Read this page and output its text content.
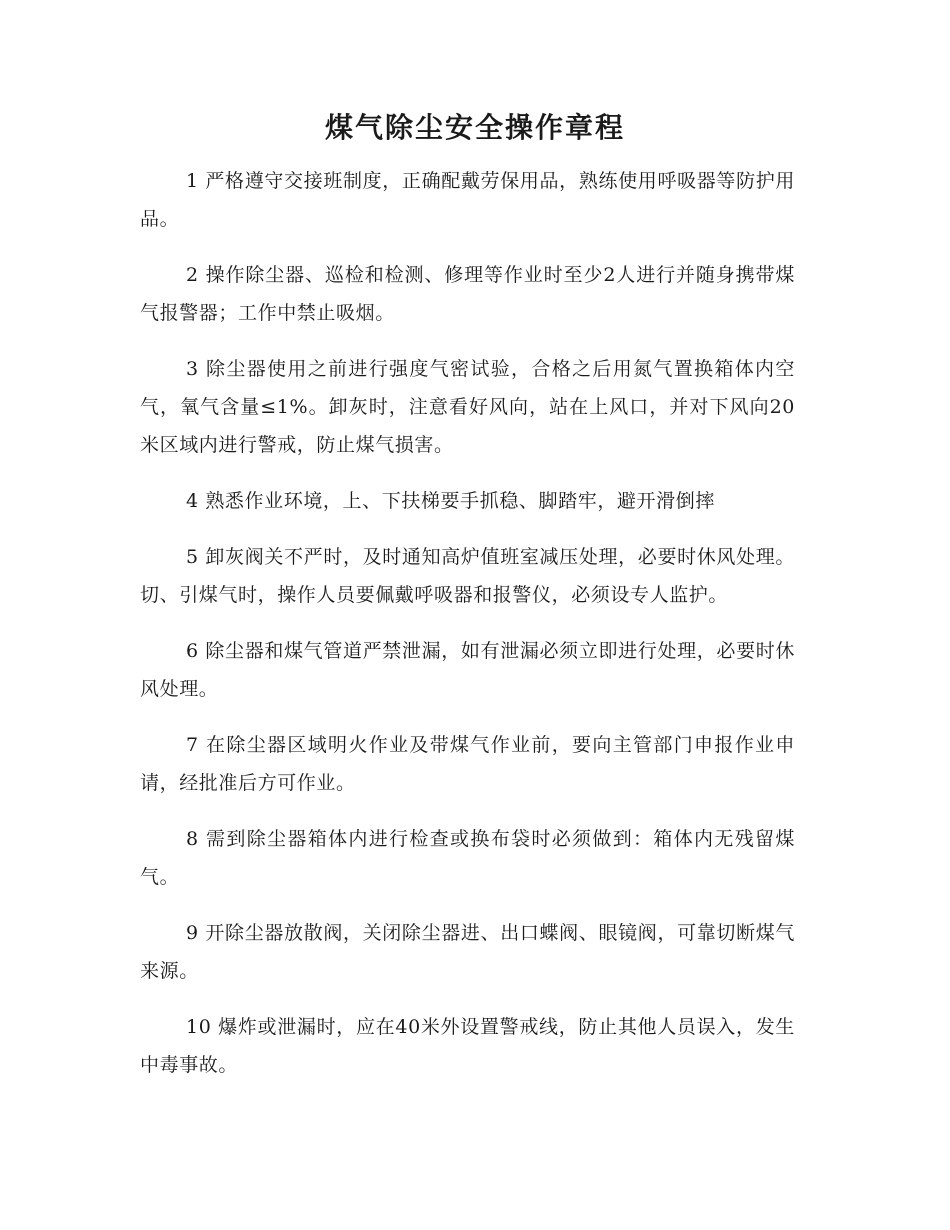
煤气除尘安全操作章程

1 严格遵守交接班制度，正确配戴劳保用品，熟练使用呼吸器等防护用品。

2 操作除尘器、巡检和检测、修理等作业时至少2人进行并随身携带煤气报警器；工作中禁止吸烟。

3 除尘器使用之前进行强度气密试验，合格之后用氮气置换箱体内空气，氧气含量≤1%。卸灰时，注意看好风向，站在上风口，并对下风向20米区域内进行警戒，防止煤气损害。

4 熟悉作业环境，上、下扶梯要手抓稳、脚踏牢，避开滑倒摔

5 卸灰阀关不严时，及时通知高炉值班室减压处理，必要时休风处理。切、引煤气时，操作人员要佩戴呼吸器和报警仪，必须设专人监护。

6 除尘器和煤气管道严禁泄漏，如有泄漏必须立即进行处理，必要时休风处理。

7 在除尘器区域明火作业及带煤气作业前，要向主管部门申报作业申请，经批准后方可作业。

8 需到除尘器箱体内进行检查或换布袋时必须做到：箱体内无残留煤气。

9 开除尘器放散阀，关闭除尘器进、出口蝶阀、眼镜阀，可靠切断煤气来源。

10 爆炸或泄漏时，应在40米外设置警戒线，防止其他人员误入，发生中毒事故。
